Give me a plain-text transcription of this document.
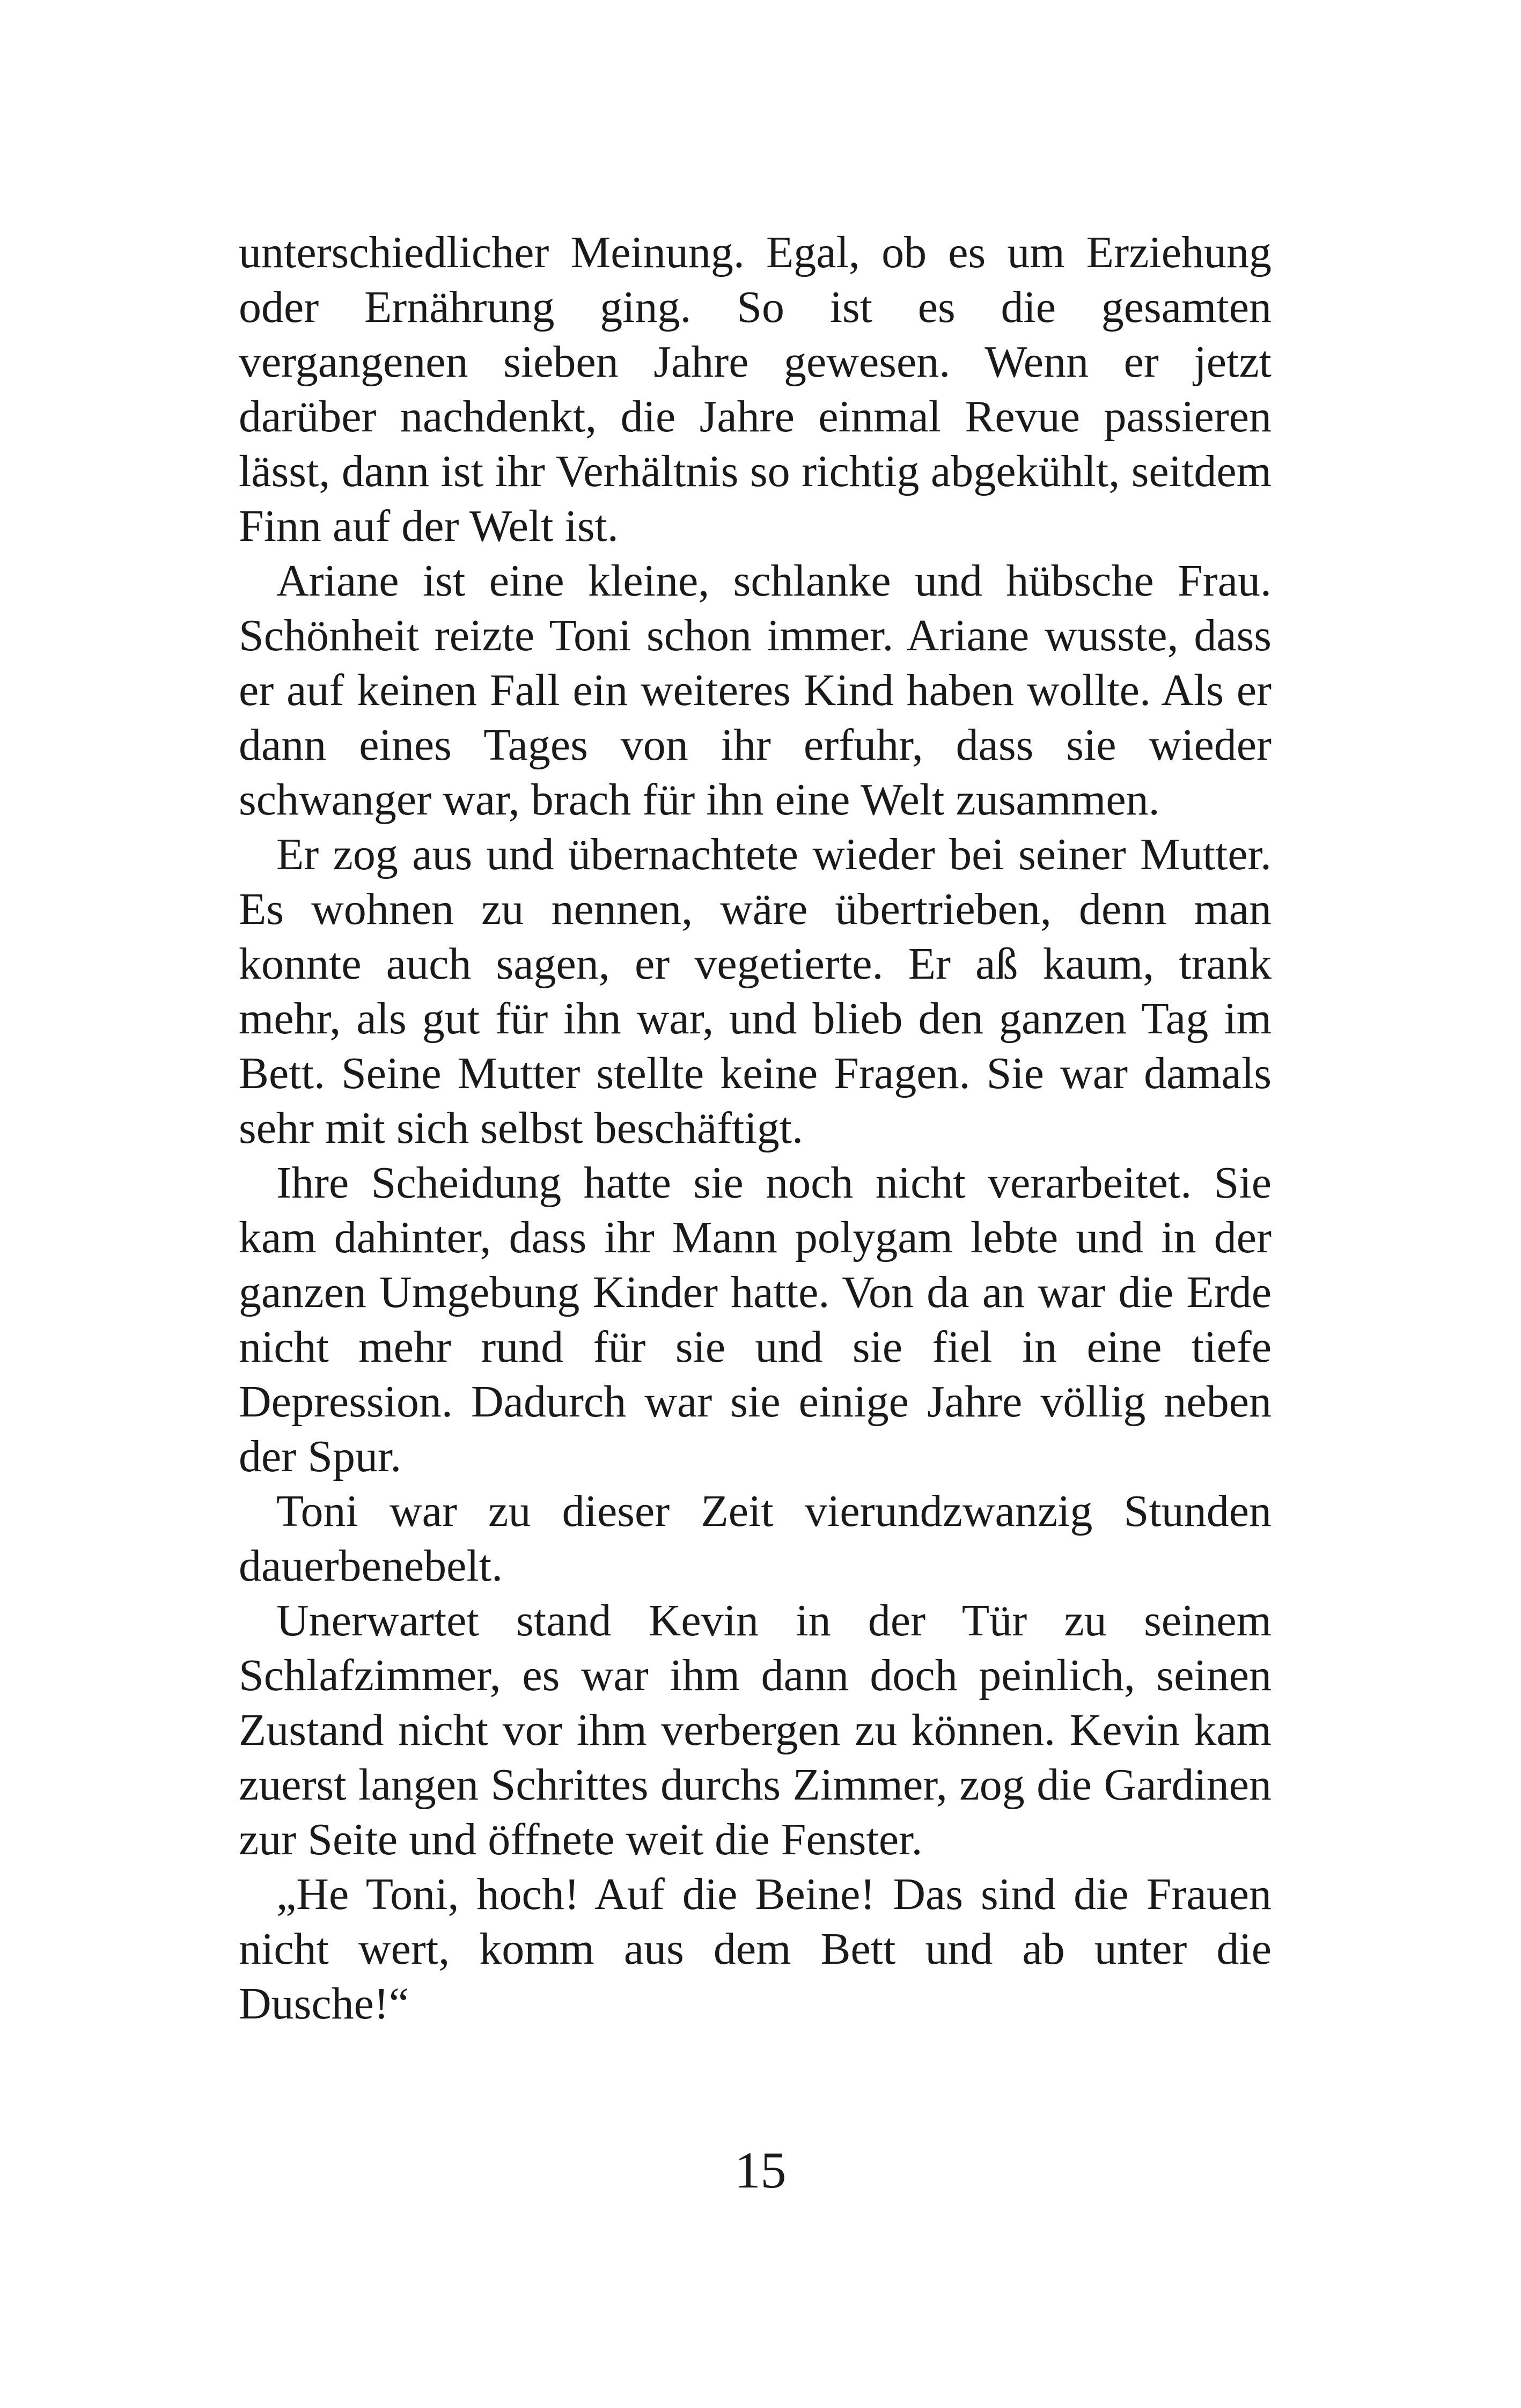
unterschiedlicher Meinung. Egal, ob es um Erziehung oder Ernährung ging. So ist es die gesamten vergangenen sieben Jahre gewesen. Wenn er jetzt darüber nachdenkt, die Jahre einmal Revue passieren lässt, dann ist ihr Verhältnis so richtig abgekühlt, seitdem Finn auf der Welt ist.

Ariane ist eine kleine, schlanke und hübsche Frau. Schönheit reizte Toni schon immer. Ariane wusste, dass er auf keinen Fall ein weiteres Kind haben wollte. Als er dann eines Tages von ihr erfuhr, dass sie wieder schwanger war, brach für ihn eine Welt zusammen.

Er zog aus und übernachtete wieder bei seiner Mutter. Es wohnen zu nennen, wäre übertrieben, denn man konnte auch sagen, er vegetierte. Er aß kaum, trank mehr, als gut für ihn war, und blieb den ganzen Tag im Bett. Seine Mutter stellte keine Fragen. Sie war damals sehr mit sich selbst beschäftigt.

Ihre Scheidung hatte sie noch nicht verarbeitet. Sie kam dahinter, dass ihr Mann polygam lebte und in der ganzen Umgebung Kinder hatte. Von da an war die Erde nicht mehr rund für sie und sie fiel in eine tiefe Depression. Dadurch war sie einige Jahre völlig neben der Spur.

Toni war zu dieser Zeit vierundzwanzig Stunden dauerbenebelt.

Unerwartet stand Kevin in der Tür zu seinem Schlafzimmer, es war ihm dann doch peinlich, seinen Zustand nicht vor ihm verbergen zu können. Kevin kam zuerst langen Schrittes durchs Zimmer, zog die Gardinen zur Seite und öffnete weit die Fenster.

„He Toni, hoch! Auf die Beine! Das sind die Frauen nicht wert, komm aus dem Bett und ab unter die Dusche!“

15
